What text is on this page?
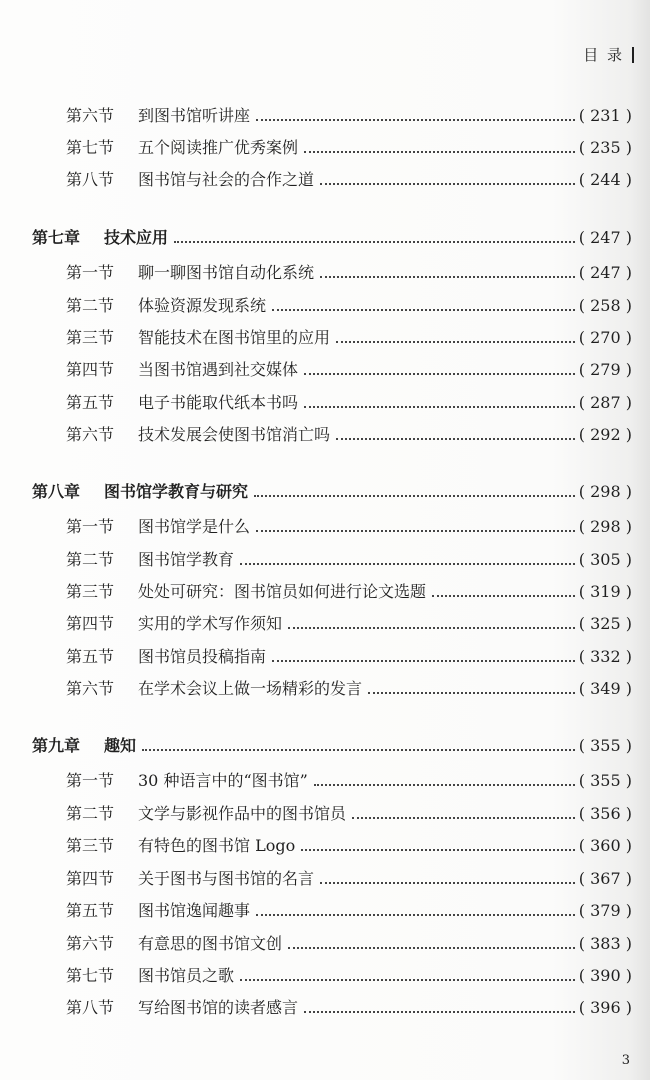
目 录
第六节	到图书馆听讲座	( 231 )
第七节	五个阅读推广优秀案例	( 235 )
第八节	图书馆与社会的合作之道	( 244 )
第七章	技术应用	( 247 )
第一节	聊一聊图书馆自动化系统	( 247 )
第二节	体验资源发现系统	( 258 )
第三节	智能技术在图书馆里的应用	( 270 )
第四节	当图书馆遇到社交媒体	( 279 )
第五节	电子书能取代纸本书吗	( 287 )
第六节	技术发展会使图书馆消亡吗	( 292 )
第八章	图书馆学教育与研究	( 298 )
第一节	图书馆学是什么	( 298 )
第二节	图书馆学教育	( 305 )
第三节	处处可研究：图书馆员如何进行论文选题	( 319 )
第四节	实用的学术写作须知	( 325 )
第五节	图书馆员投稿指南	( 332 )
第六节	在学术会议上做一场精彩的发言	( 349 )
第九章	趣知	( 355 )
第一节	30 种语言中的“图书馆”	( 355 )
第二节	文学与影视作品中的图书馆员	( 356 )
第三节	有特色的图书馆 Logo	( 360 )
第四节	关于图书与图书馆的名言	( 367 )
第五节	图书馆逸闻趣事	( 379 )
第六节	有意思的图书馆文创	( 383 )
第七节	图书馆员之歌	( 390 )
第八节	写给图书馆的读者感言	( 396 )
3
